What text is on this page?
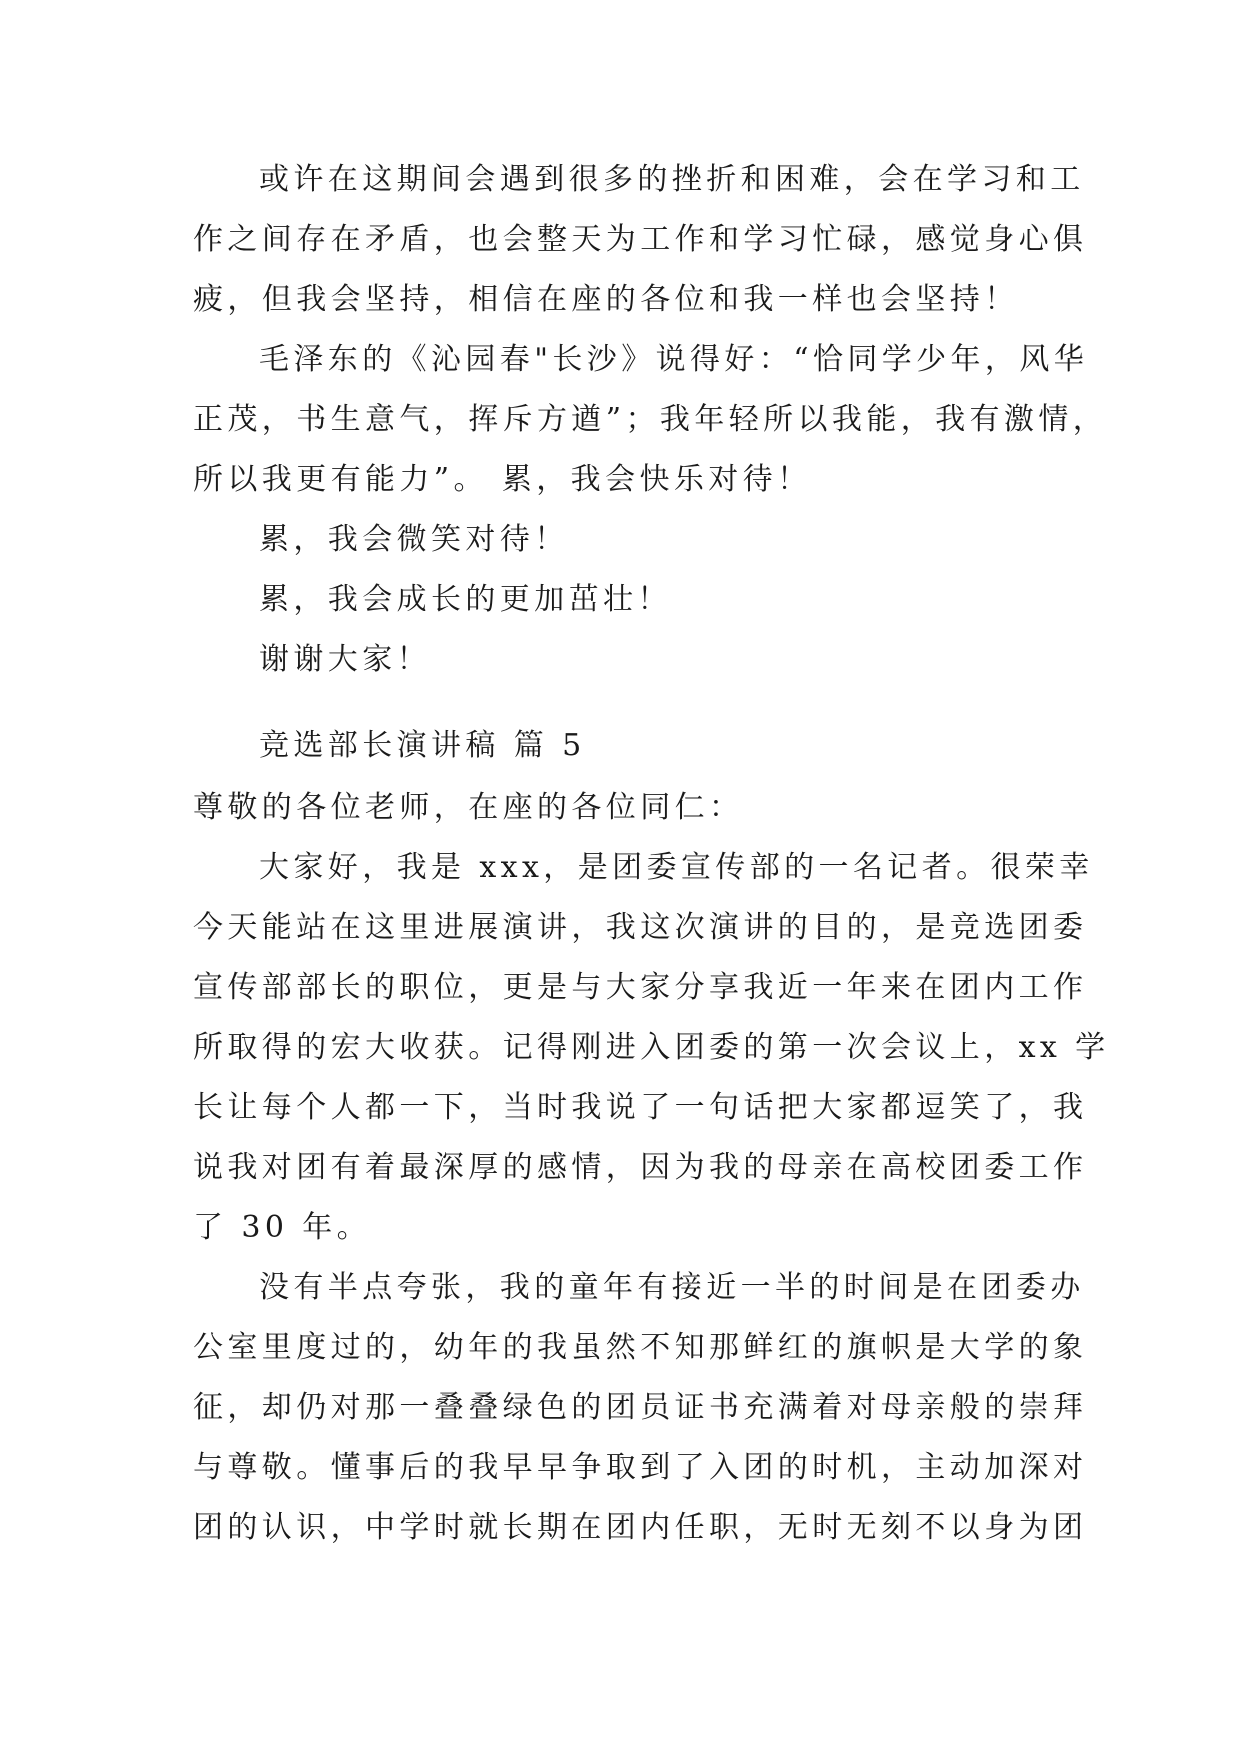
或许在这期间会遇到很多的挫折和困难，会在学习和工
作之间存在矛盾，也会整天为工作和学习忙碌，感觉身心俱
疲，但我会坚持，相信在座的各位和我一样也会坚持！
毛泽东的《沁园春"长沙》说得好：“恰同学少年，风华
正茂，书生意气，挥斥方遒”；我年轻所以我能，我有激情，
所以我更有能力”。 累，我会快乐对待！
累，我会微笑对待！
累，我会成长的更加茁壮！
谢谢大家！
竞选部长演讲稿 篇 5
尊敬的各位老师，在座的各位同仁：
大家好，我是 xxx，是团委宣传部的一名记者。很荣幸
今天能站在这里进展演讲，我这次演讲的目的，是竞选团委
宣传部部长的职位，更是与大家分享我近一年来在团内工作
所取得的宏大收获。记得刚进入团委的第一次会议上，xx 学
长让每个人都一下，当时我说了一句话把大家都逗笑了，我
说我对团有着最深厚的感情，因为我的母亲在高校团委工作
了 30 年。
没有半点夸张，我的童年有接近一半的时间是在团委办
公室里度过的，幼年的我虽然不知那鲜红的旗帜是大学的象
征，却仍对那一叠叠绿色的团员证书充满着对母亲般的崇拜
与尊敬。懂事后的我早早争取到了入团的时机，主动加深对
团的认识，中学时就长期在团内任职，无时无刻不以身为团
